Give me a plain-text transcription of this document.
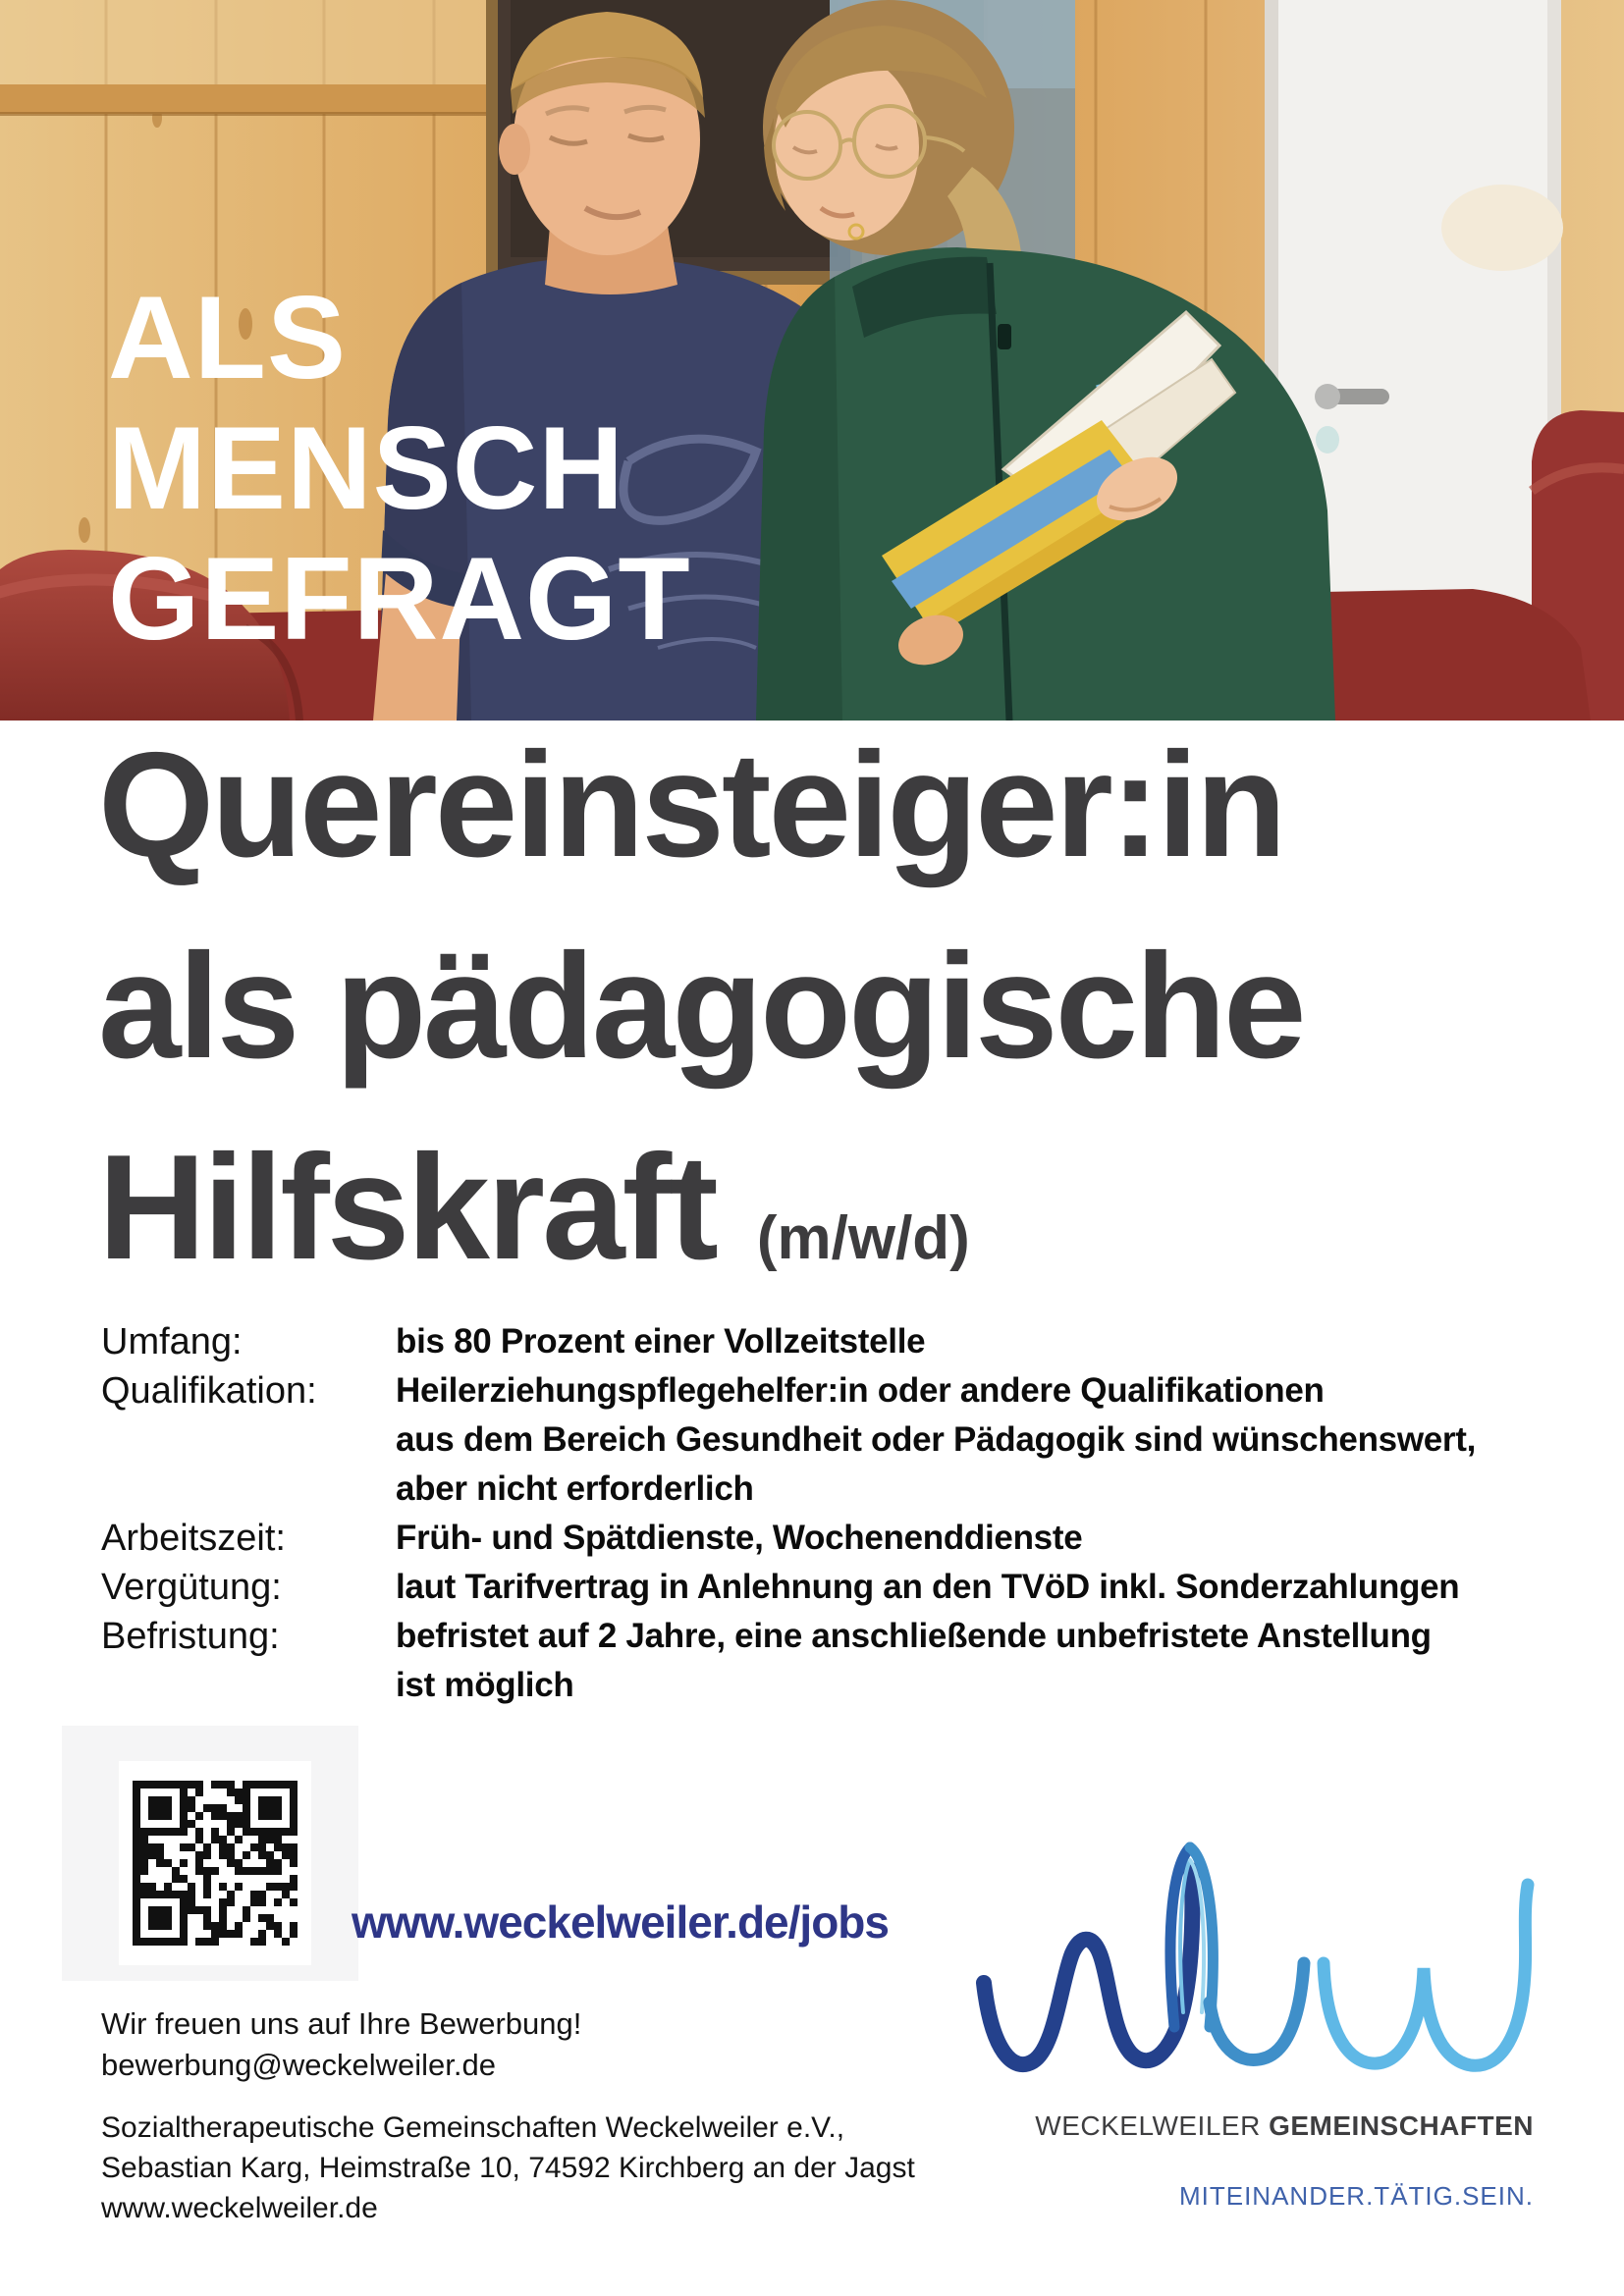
ALS
MENSCH
GEFRAGT
Quereinsteiger:in
als pädagogische
Hilfskraft (m/w/d)
Umfang:	bis 80 Prozent einer Vollzeitstelle
Qualifikation:	Heilerziehungspflegehelfer:in oder andere Qualifikationen
aus dem Bereich Gesundheit oder Pädagogik sind wünschenswert,
aber nicht erforderlich
Arbeitszeit:	Früh- und Spätdienste, Wochenenddienste
Vergütung:	laut Tarifvertrag in Anlehnung an den TVöD inkl. Sonderzahlungen
Befristung:	befristet auf 2 Jahre, eine anschließende unbefristete Anstellung
ist möglich
www.weckelweiler.de/jobs
Wir freuen uns auf Ihre Bewerbung!
bewerbung@weckelweiler.de
Sozialtherapeutische Gemeinschaften Weckelweiler e.V.,
Sebastian Karg, Heimstraße 10, 74592 Kirchberg an der Jagst
www.weckelweiler.de
WECKELWEILER GEMEINSCHAFTEN
MITEINANDER.TÄTIG.SEIN.
